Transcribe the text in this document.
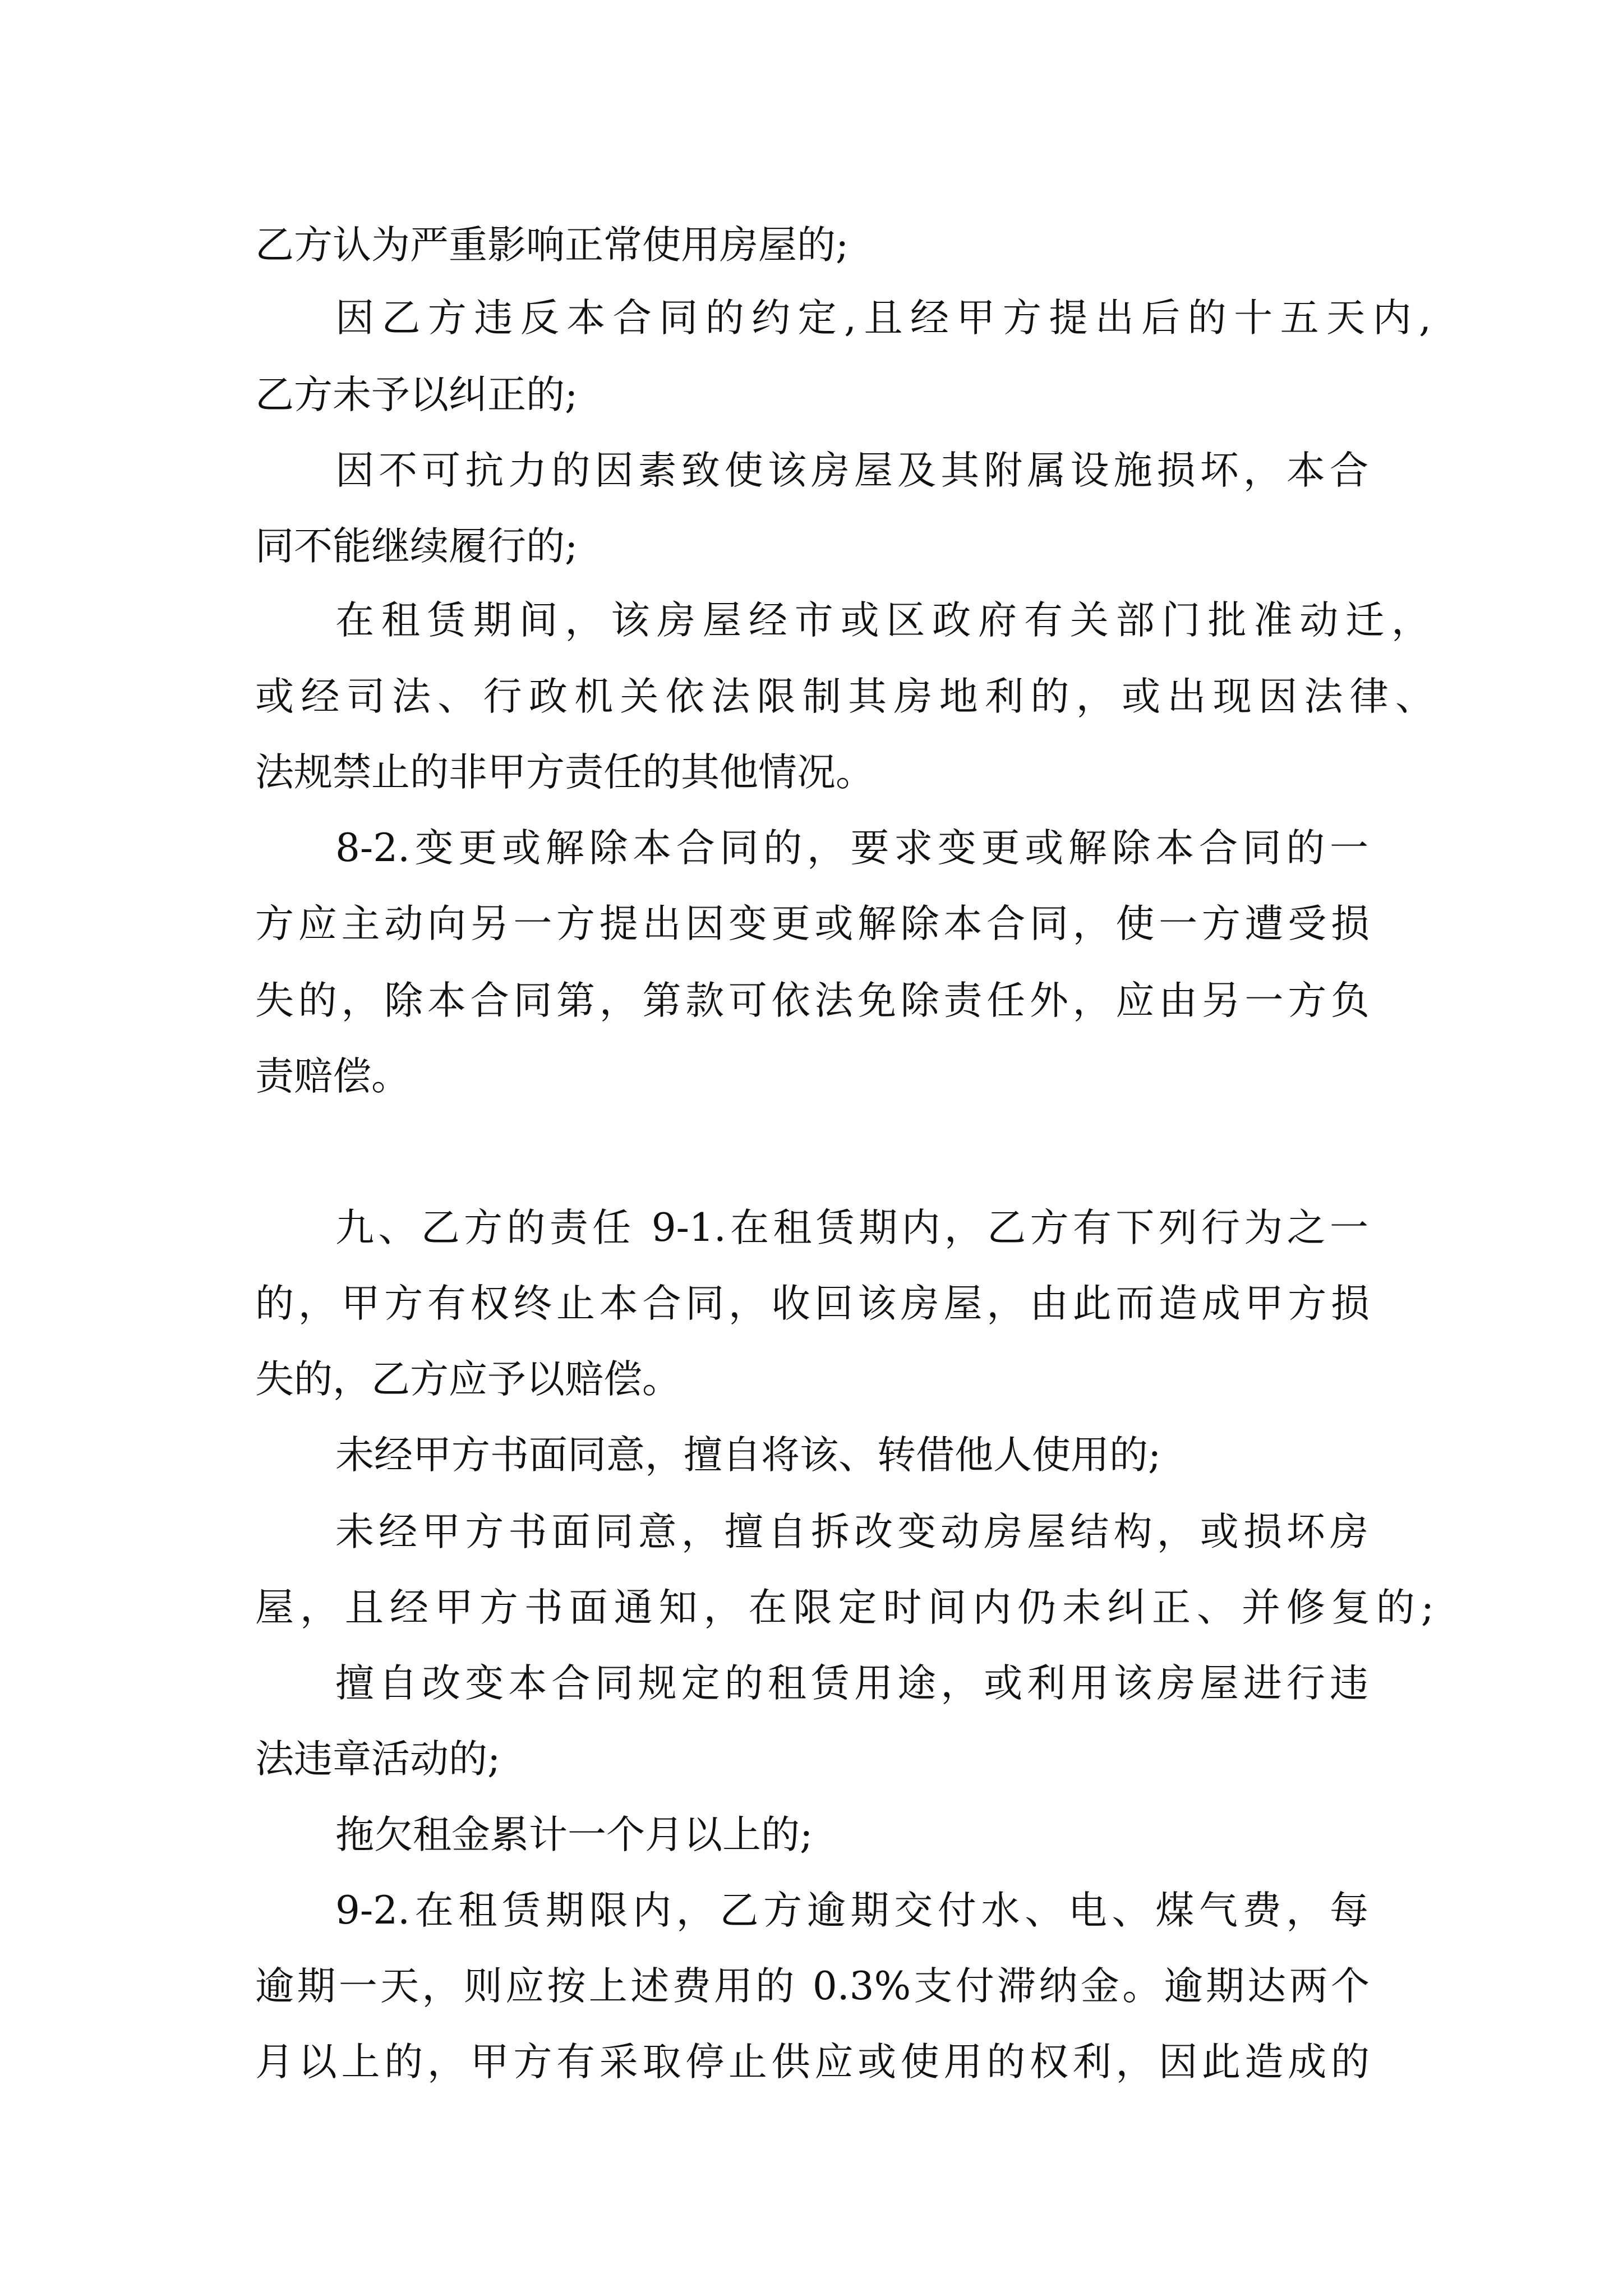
乙方认为严重影响正常使用房屋的;
因乙方违反本合同的约定,且经甲方提出后的十五天内,
乙方未予以纠正的;
因不可抗力的因素致使该房屋及其附属设施损坏，本合
同不能继续履行的;
在租赁期间，该房屋经市或区政府有关部门批准动迁，
或经司法、行政机关依法限制其房地利的，或出现因法律、
法规禁止的非甲方责任的其他情况。
8-2.变更或解除本合同的，要求变更或解除本合同的一
方应主动向另一方提出因变更或解除本合同，使一方遭受损
失的，除本合同第，第款可依法免除责任外，应由另一方负
责赔偿。
九、乙方的责任 9-1.在租赁期内，乙方有下列行为之一
的，甲方有权终止本合同，收回该房屋，由此而造成甲方损
失的，乙方应予以赔偿。
未经甲方书面同意，擅自将该、转借他人使用的;
未经甲方书面同意，擅自拆改变动房屋结构，或损坏房
屋，且经甲方书面通知，在限定时间内仍未纠正、并修复的;
擅自改变本合同规定的租赁用途，或利用该房屋进行违
法违章活动的;
拖欠租金累计一个月以上的;
9-2.在租赁期限内，乙方逾期交付水、电、煤气费，每
逾期一天，则应按上述费用的 0.3%支付滞纳金。逾期达两个
月以上的，甲方有采取停止供应或使用的权利，因此造成的
